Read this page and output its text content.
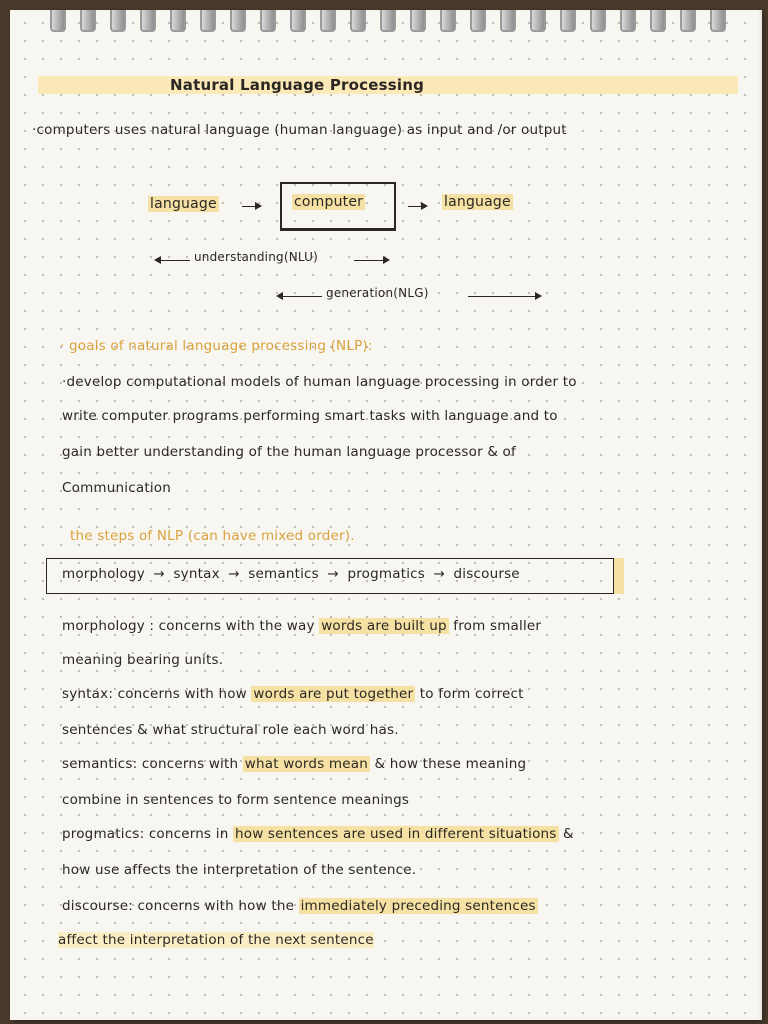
Natural Language Processing
·computers uses natural language (human language) as input and /or output
language	computer	language
understanding(NLU)
generation(NLG)
· goals of natural language processing (NLP):
·develop computational models of human language processing in order to
write computer programs performing smart tasks with language and to
gain better understanding of the human language processor & of
Communication
the steps of NLP (can have mixed order).
morphology → syntax → semantics → progmatics → discourse
morphology : concerns with the way words are built up from smaller
meaning bearing units.
syntax: concerns with how words are put together to form correct
sentences & what structural role each word has.
semantics: concerns with what words mean & how these meaning
combine in sentences to form sentence meanings
progmatics: concerns in how sentences are used in different situations &
how use affects the interpretation of the sentence.
discourse: concerns with how the immediately preceding sentences
affect the interpretation of the next sentence
